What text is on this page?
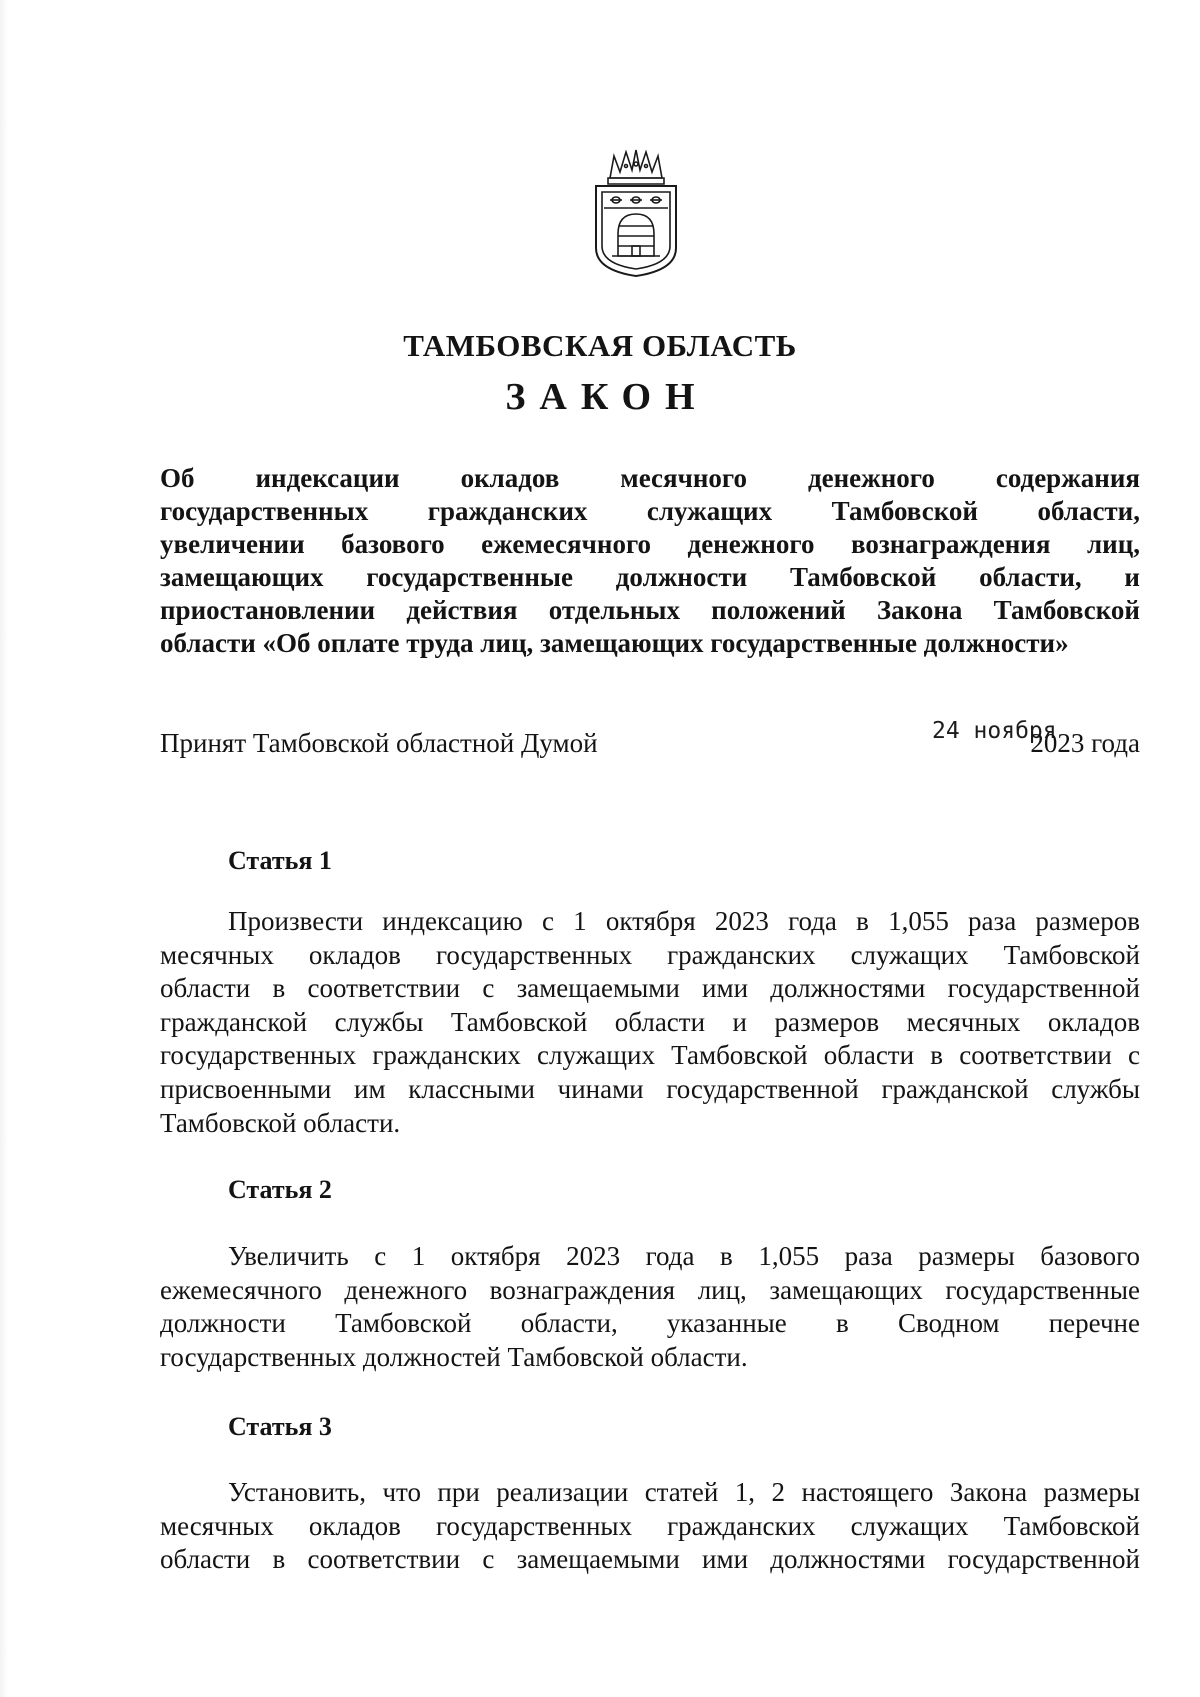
ТАМБОВСКАЯ ОБЛАСТЬ
ЗАКОН
Об индексации окладов месячного денежного содержания
государственных гражданских служащих Тамбовской области,
увеличении базового ежемесячного денежного вознаграждения лиц,
замещающих государственные должности Тамбовской области, и
приостановлении действия отдельных положений Закона Тамбовской
области «Об оплате труда лиц, замещающих государственные должности»
Принят Тамбовской областной Думой	24 ноября
2023 года
Статья 1
Произвести индексацию с 1 октября 2023 года в 1,055 раза размеров
месячных окладов государственных гражданских служащих Тамбовской
области в соответствии с замещаемыми ими должностями государственной
гражданской службы Тамбовской области и размеров месячных окладов
государственных гражданских служащих Тамбовской области в соответствии с
присвоенными им классными чинами государственной гражданской службы
Тамбовской области.
Статья 2
Увеличить с 1 октября 2023 года в 1,055 раза размеры базового
ежемесячного денежного вознаграждения лиц, замещающих государственные
должности Тамбовской области, указанные в Сводном перечне
государственных должностей Тамбовской области.
Статья 3
Установить, что при реализации статей 1, 2 настоящего Закона размеры
месячных окладов государственных гражданских служащих Тамбовской
области в соответствии с замещаемыми ими должностями государственной
